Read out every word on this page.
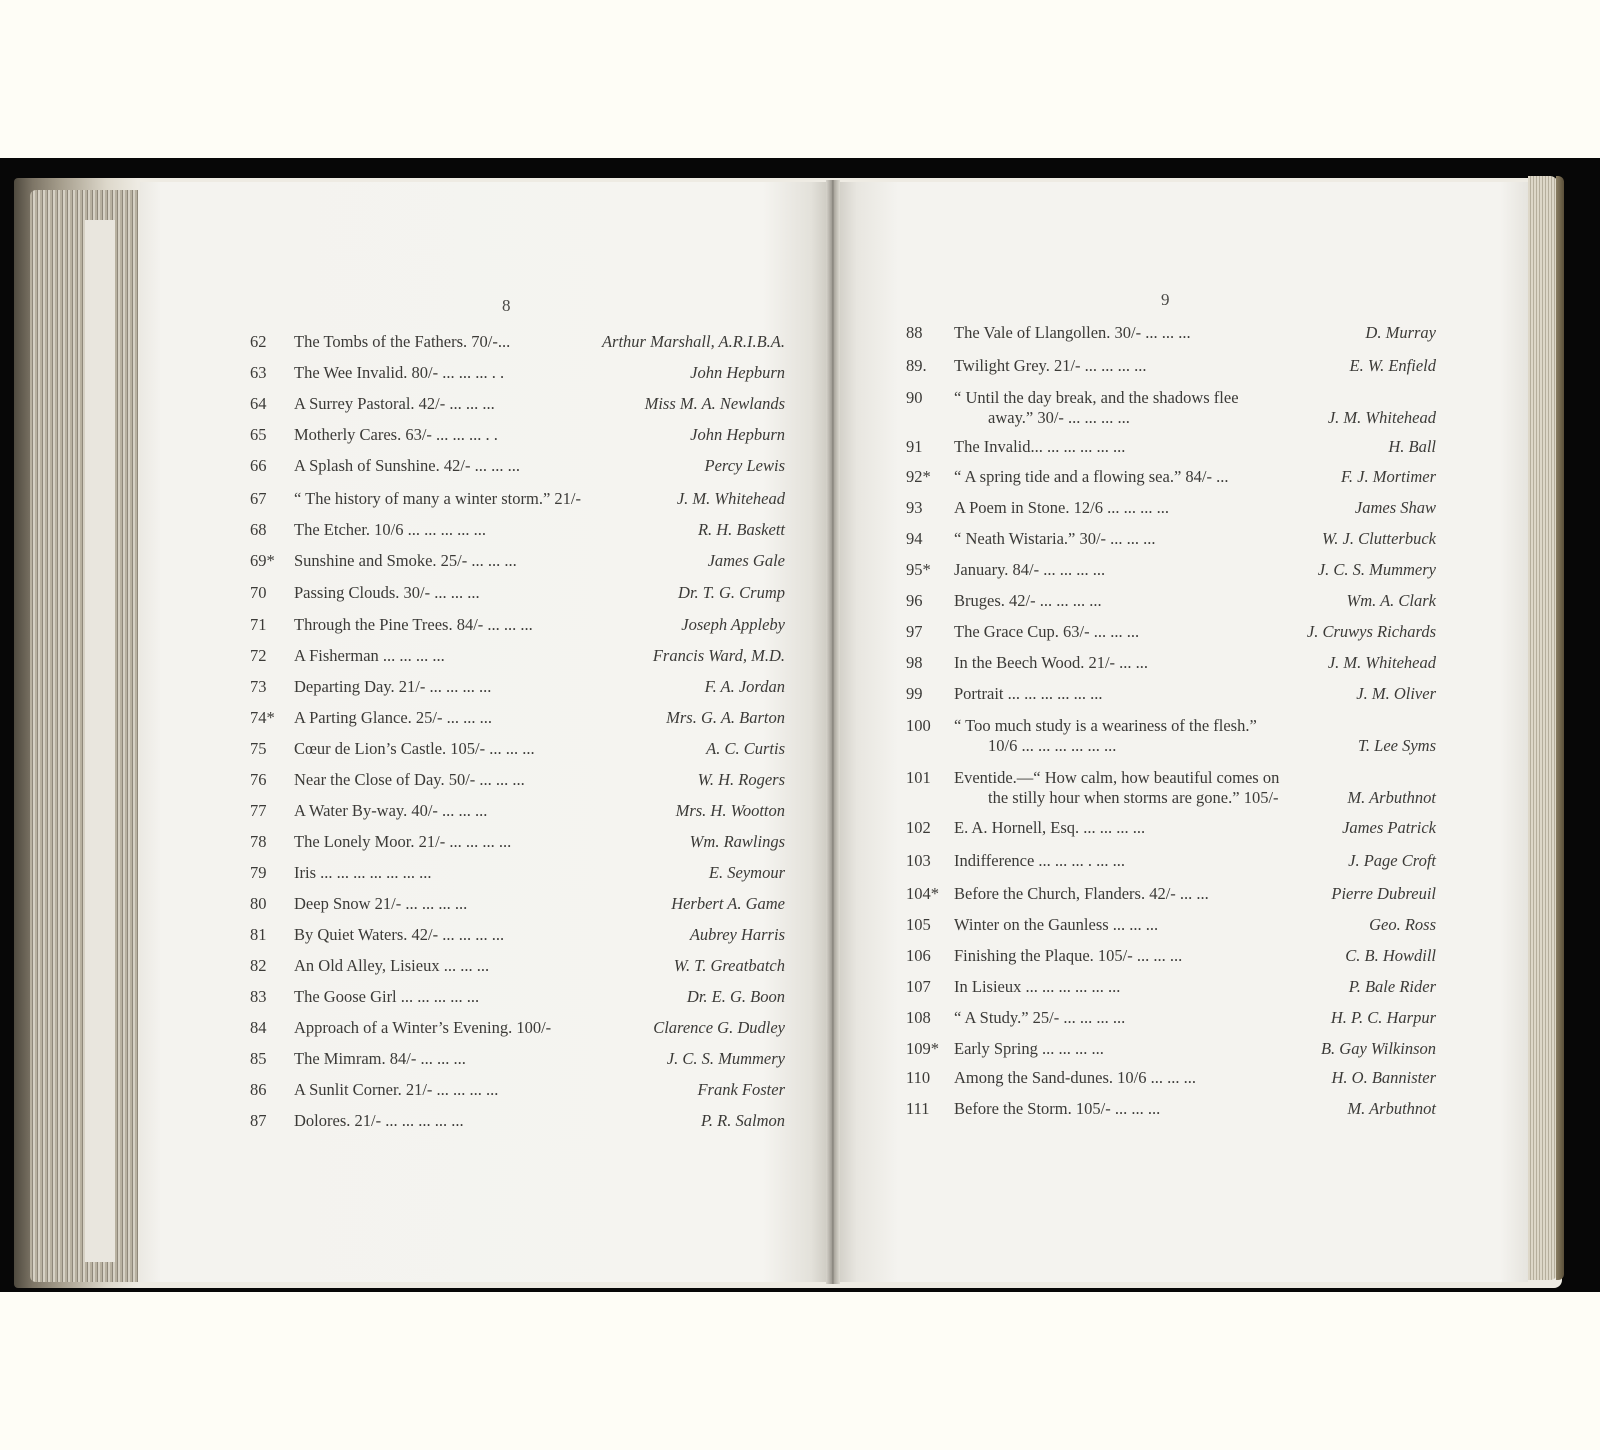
8	9
62 The Tombs of the Fathers. 70/-...	Arthur Marshall, A.R.I.B.A.
63 The Wee Invalid. 80/- ... ... ... . .	John Hepburn
64 A Surrey Pastoral. 42/- ... ... ...	Miss M. A. Newlands
65 Motherly Cares. 63/- ... ... ... . .	John Hepburn
66 A Splash of Sunshine. 42/- ... ... ...	Percy Lewis
67 “ The history of many a winter storm.” 21/-	J. M. Whitehead
68 The Etcher. 10/6 ... ... ... ... ...	R. H. Baskett
69* Sunshine and Smoke. 25/- ... ... ...	James Gale
70 Passing Clouds. 30/- ... ... ...	Dr. T. G. Crump
71 Through the Pine Trees. 84/- ... ... ...	Joseph Appleby
72 A Fisherman ... ... ... ...	Francis Ward, M.D.
73 Departing Day. 21/- ... ... ... ...	F. A. Jordan
74* A Parting Glance. 25/- ... ... ...	Mrs. G. A. Barton
75 Cœur de Lion’s Castle. 105/- ... ... ...	A. C. Curtis
76 Near the Close of Day. 50/- ... ... ...	W. H. Rogers
77 A Water By-way. 40/- ... ... ...	Mrs. H. Wootton
78 The Lonely Moor. 21/- ... ... ... ...	Wm. Rawlings
79 Iris ... ... ... ... ... ... ...	E. Seymour
80 Deep Snow 21/- ... ... ... ...	Herbert A. Game
81 By Quiet Waters. 42/- ... ... ... ...	Aubrey Harris
82 An Old Alley, Lisieux ... ... ...	W. T. Greatbatch
83 The Goose Girl ... ... ... ... ...	Dr. E. G. Boon
84 Approach of a Winter’s Evening. 100/-	Clarence G. Dudley
85 The Mimram. 84/- ... ... ...	J. C. S. Mummery
86 A Sunlit Corner. 21/- ... ... ... ...	Frank Foster
87 Dolores. 21/- ... ... ... ... ...	P. R. Salmon
88 The Vale of Llangollen. 30/- ... ... ...	D. Murray
89. Twilight Grey. 21/- ... ... ... ...	E. W. Enfield
90 “ Until the day break, and the shadows flee
away.” 30/- ... ... ... ...	J. M. Whitehead
91 The Invalid... ... ... ... ... ...	H. Ball
92* “ A spring tide and a flowing sea.” 84/- ...	F. J. Mortimer
93 A Poem in Stone. 12/6 ... ... ... ...	James Shaw
94 “ Neath Wistaria.” 30/- ... ... ...	W. J. Clutterbuck
95* January. 84/- ... ... ... ...	J. C. S. Mummery
96 Bruges. 42/- ... ... ... ...	Wm. A. Clark
97 The Grace Cup. 63/- ... ... ...	J. Cruwys Richards
98 In the Beech Wood. 21/- ... ...	J. M. Whitehead
99 Portrait ... ... ... ... ... ...	J. M. Oliver
100 “ Too much study is a weariness of the flesh.”
10/6 ... ... ... ... ... ...	T. Lee Syms
101 Eventide.—“ How calm, how beautiful comes on
the stilly hour when storms are gone.” 105/-	M. Arbuthnot
102 E. A. Hornell, Esq. ... ... ... ...	James Patrick
103 Indifference ... ... ... . ... ...	J. Page Croft
104* Before the Church, Flanders. 42/- ... ...	Pierre Dubreuil
105 Winter on the Gaunless ... ... ...	Geo. Ross
106 Finishing the Plaque. 105/- ... ... ...	C. B. Howdill
107 In Lisieux ... ... ... ... ... ...	P. Bale Rider
108 “ A Study.” 25/- ... ... ... ...	H. P. C. Harpur
109* Early Spring ... ... ... ...	B. Gay Wilkinson
110 Among the Sand-dunes. 10/6 ... ... ...	H. O. Bannister
111 Before the Storm. 105/- ... ... ...	M. Arbuthnot
